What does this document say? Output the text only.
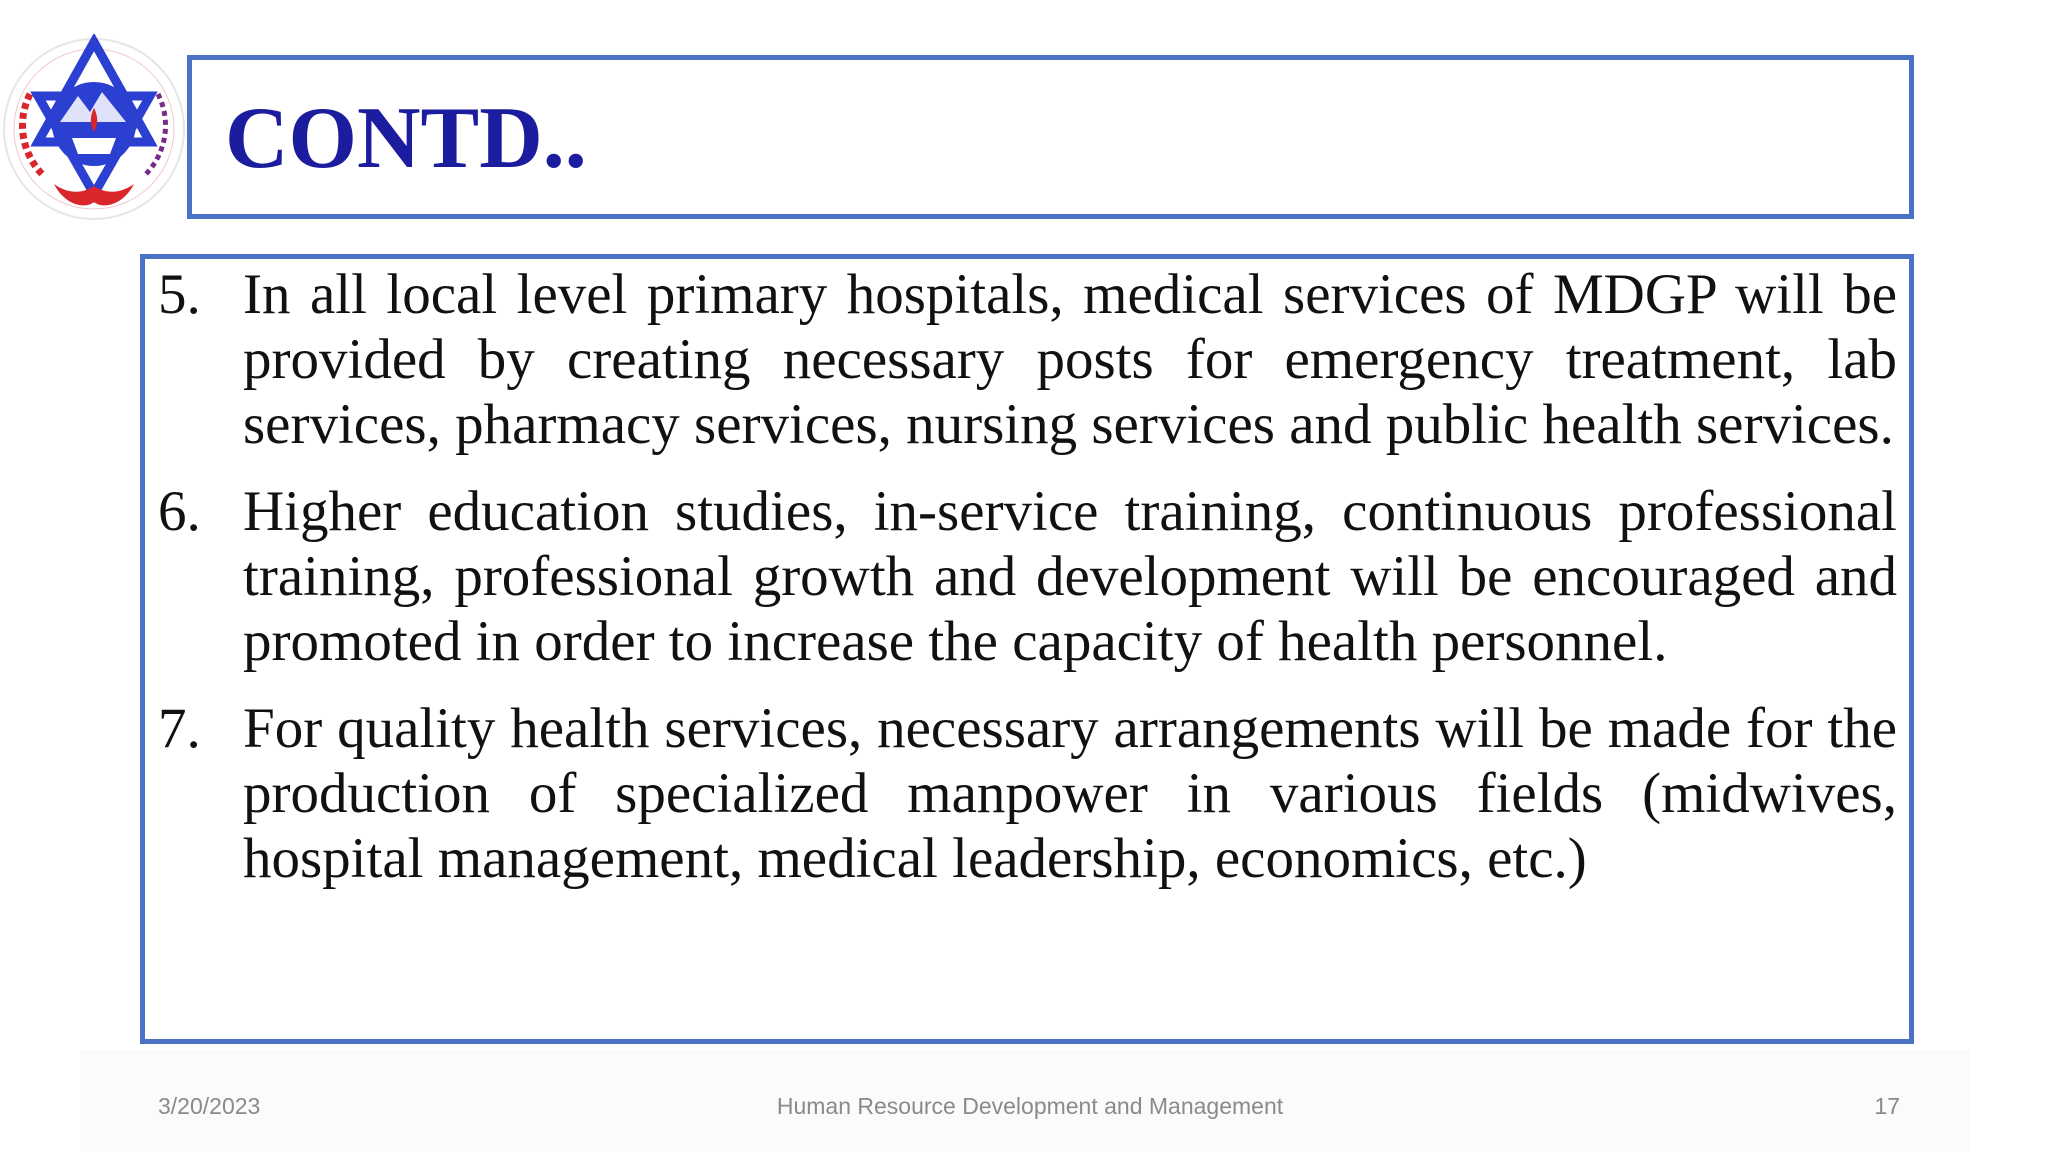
CONTD..
5. In all local level primary hospitals, medical services of MDGP will be provided by creating necessary posts for emergency treatment, lab services, pharmacy services, nursing services and public health services.
6. Higher education studies, in-service training, continuous professional training, professional growth and development will be encouraged and promoted in order to increase the capacity of health personnel.
7. For quality health services, necessary arrangements will be made for the production of specialized manpower in various fields (midwives, hospital management, medical leadership, economics, etc.)
3/20/2023	Human Resource Development and Management	17
